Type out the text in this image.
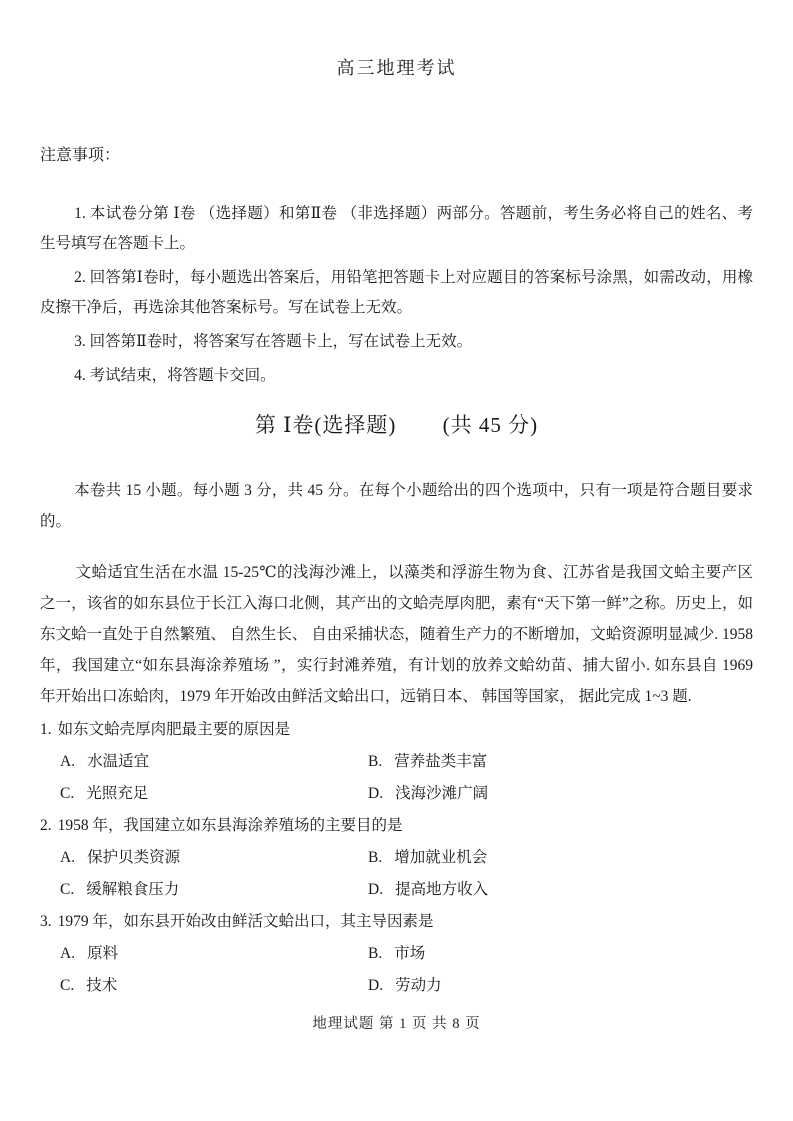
高三地理考试

注意事项：

1. 本试卷分第 Ⅰ卷 （选择题）和第Ⅱ卷 （非选择题）两部分。答题前，考生务必将自己的姓名、考生号填写在答题卡上。

2. 回答第Ⅰ卷时，每小题选出答案后，用铅笔把答题卡上对应题目的答案标号涂黑，如需改动，用橡皮擦干净后，再选涂其他答案标号。写在试卷上无效。

3. 回答第Ⅱ卷时，将答案写在答题卡上，写在试卷上无效。

4. 考试结束，将答题卡交回。

第 Ⅰ卷(选择题) (共 45 分)

本卷共 15 小题。每小题 3 分，共 45 分。在每个小题给出的四个选项中，只有一项是符合题目要求的。

文蛤适宜生活在水温 15-25℃的浅海沙滩上，以藻类和浮游生物为食、江苏省是我国文蛤主要产区之一，该省的如东县位于长江入海口北侧，其产出的文蛤壳厚肉肥，素有“天下第一鲜”之称。历史上，如东文蛤一直处于自然繁殖、 自然生长、 自由采捕状态，随着生产力的不断增加，文蛤资源明显减少. 1958 年，我国建立“如东县海涂养殖场 ”，实行封滩养殖，有计划的放养文蛤幼苗、捕大留小. 如东县自 1969 年开始出口冻蛤肉，1979 年开始改由鲜活文蛤出口，远销日本、 韩国等国家， 据此完成 1~3 题.

1. 如东文蛤壳厚肉肥最主要的原因是
A. 水温适宜	B. 营养盐类丰富
C. 光照充足	D. 浅海沙滩广阔
2. 1958 年，我国建立如东县海涂养殖场的主要目的是
A. 保护贝类资源	B. 增加就业机会
C. 缓解粮食压力	D. 提高地方收入
3. 1979 年，如东县开始改由鲜活文蛤出口，其主导因素是
A. 原料	B. 市场
C. 技术	D. 劳动力

地理试题 第 1 页 共 8 页
